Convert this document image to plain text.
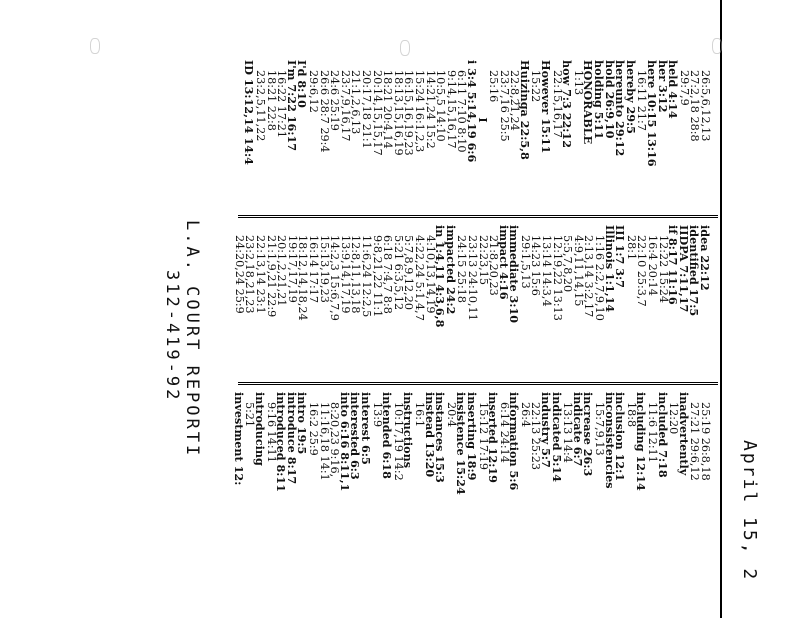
April 15, 2
26:5,6,12,13
27:2,18 28:8
29:7,9
held 4:14
her 3:12
here 10:15 13:16
16:11 21:7
hereby 29:5
hereunto 29:12
hold 26:9,10
holding 5:11
HONORABLE
1:13
how 7:3 22:12
22:15,16,17
However 15:11
15:22
Huizinga 22:5,8
22:8,21,24
23:7,16 25:5
25:16
I
i 3:4 5:14,19 6:6
6:11 7:10 8:10
9:14,15,16,17
10:5,5 14:10
14:21,24 15:2
15:24 16:1,2,3
16:15,16,19,23
18:13,15,16,19
18:21 20:4,14
20:14,15,15,17
20:17,18 21:1
21:1,2,6,13
23:7,9,16,17
24:6 25:19
26:6 28:7 29:4
29:6,12
I'd 8:10
I'm 7:22 16:17
16:22 17:21
18:21 22:8
23:2,5,11,22
ID 13:12,14 14:4
idea 22:12
identified 17:5
IIDPA 7:11,17
if 8:17 11:16
12:22 15:24
16:4 20:14
22:10 25:3,7
28:1
III 1:7 3:7
Illinois 1:1,14
1:16 2:2,7,9,10
2:13,14 3:2,17
4:9,11,14,15
5:5,7,8,20
12:19,22 13:13
13:14 14:3,4
14:23 15:6
29:1,5,13
immediate 3:10
impact 4:16
21:8,20,23
22:23,15
23:13 24:10,11
24:15 25:18
impacted 24:2
in 1:4,11 4:3,6,8
4:10,13,14,19
4:22,24 5:1,4,7
5:7,8,9,12,20
5:21 6:3,5,12
6:18 7:4,7 8:8
9:8,21,22 11:1
11:6,24 12:2,5
12:8,11,13,18
13:9,14,17,19
14:2,3 15:6,7,9
15:13,19,23
16:14 17:17
18:12,14,18,24
19:17,17,19
20:1,2,21,21
21:1,9,21 22:9
22:13,14 23:1
23:2,18,21,23
24:20,24 25:9
25:19 26:8,18
27:21 29:6,12
inadvertently
12:20
included 7:18
11:6 12:11
including 12:14
18:8
inclusion 12:1
inconsistencies
15:7,9,13
increase 26:3
indicate 6:7
13:13 14:4
indicated 5:14
industry 5:7
22:13 25:23
26:4
information 5:6
6:14 24:14
inserted 12:19
15:12 17:19
inserting 18:9
insistence 15:24
20:4
instances 15:3
instead 13:20
16:1
instructions
10:17,19 14:2
intended 6:18
13:9
interest 6:5
interested 6:3
into 6:16 8:11,1
8:20,23 9:16,
11:16,18 14:1
16:2 25:9
intro 19:5
introduce 8:17
introduced 8:11
9:16 14:11
introducing
5:21
investment 12:
L.A. COURT REPORTI
312-419-92
